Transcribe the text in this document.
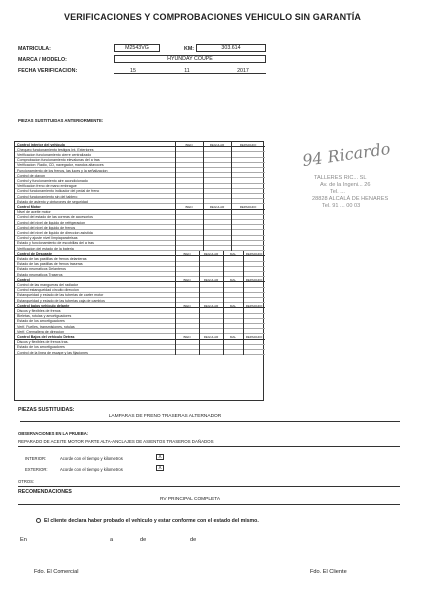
VERIFICACIONES Y COMPROBACIONES VEHICULO SIN GARANTÍA
MATRICULA:	M2543VG	KM:	303.614
MARCA / MODELO:	HYUNDAY COUPE
FECHA VERIFICACION:	15	11	2017
PIEZAS SUSTITUIDAS ANTERIORMENTE:
Control interior del vehiculo	BIEN	REGULAR	REPARADO
Chequeo funcionamiento testigos Int. Exteriores
Verificacion funcionamiento cierre centralizado
Comprobacion funcionamiento elevalunas del a tras
Verificacion: Radio, CD, navegador, mandos altavoces
Funcionamiento de los frenos, las luces y la señalizacion
Control de claxon
Control y funcionamiento aire acondicionado
Verificacion freno de mano embrague
Control funcionamiento indicador del pedal de freno
Control funcionamiento sin del tablero
Estado de asiento y cinturones de seguridad
Control Motor	BIEN	REGULAR	REPARADO
Nivel de aceite motor
Control del estado de las correas de accesorios
Control del nivel de liquido de refrigeracion
Control del nivel de liquido de frenos
Control del nivel de liquido de direccion asistida
Control y ajuste nivel limpiaparabrisas
Estado y funcionamiento de escobillas del a tras
Verificacion del estado de la bateria
Control de Desgaste	BIEN	REGULAR	MAL	REPARADO
Estado de las pastillas de frenos delanteras
Estado de las pastillas de frenos traseras
Estado neumaticos Delanteros
Estado neumaticos Traseros
Control	BIEN	REGULAR	MAL	REPARADO
Control de las mangueras del radiador
Control estanqueidad circuito direccion
Estanqueidad y estado de las tuberias de carter motor
Estanqueidad y estado de las tuberias caja de cambios
Control bajos vehiculo delante	BIEN	REGULAR	MAL	REPARADO
Discos y flexibles de frenos
Bieletas, rotulas y amortiguadores
Estado de los amortiguadores
Verif. Fuelles, transmisiones, rotulas
Verif. Cremallera de direccion
Control Bajos del vehiculo Detras	BIEN	REGULAR	MAL	REPARADO
Discos y flexibles de frenos tras.
Estado de los amortiguadores
Control de la linea de escape y las fijaciones
94 Ricardo
TALLERES RIC... SL
Av. de la Ingeni... 26
Tel. ...
28828 ALCALÁ DE HENARES
Tel. 91 ... 00 03
PIEZAS SUSTITUIDAS:
LAMPARAS DE FRENO TRASERAS ALTERNADOR
OBSERVACIONES EN LA PRUEBA:
REPARADO DE ACEITE MOTOR PARTE ALTA-ANCLAJES DE ASIENTOS TRASEROS DAÑADOS
INTERIOR:	Acorde con el tiempo y kilometros	X
EXTERIOR:	Acorde con el tiempo y kilometros	X
OTROS:
RECOMENDACIONES
RV PRINCIPAL COMPLETA
El cliente declara haber probado el vehiculo y estar conforme con el estado del mismo.
En	a	de	de
Fdo. El Comercial	Fdo. El Cliente
